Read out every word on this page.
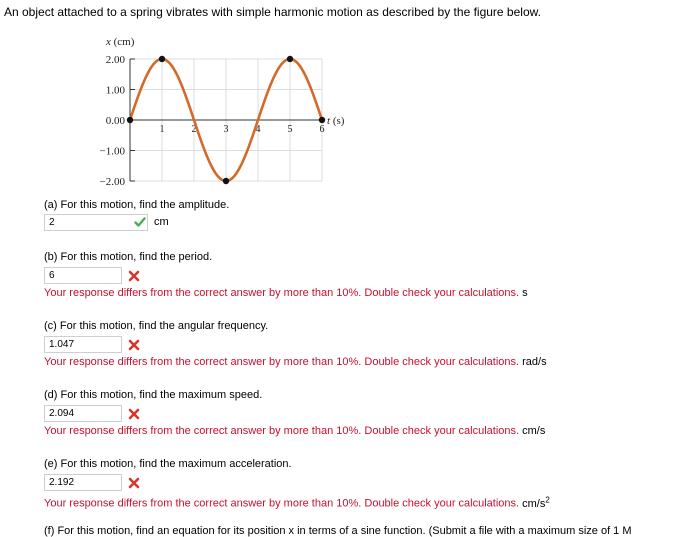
An object attached to a spring vibrates with simple harmonic motion as described by the figure below.
2.00
1.00
0.00
−1.00
−2.00
1	2	3	4	5	6
x (cm)
t (s)
(a) For this motion, find the amplitude.
2	cm
(b) For this motion, find the period.
6
Your response differs from the correct answer by more than 10%. Double check your calculations. s
(c) For this motion, find the angular frequency.
1.047
Your response differs from the correct answer by more than 10%. Double check your calculations. rad/s
(d) For this motion, find the maximum speed.
2.094
Your response differs from the correct answer by more than 10%. Double check your calculations. cm/s
(e) For this motion, find the maximum acceleration.
2.192
Your response differs from the correct answer by more than 10%. Double check your calculations. $cm/s^2$
(f) For this motion, find an equation for its position x in terms of a sine function. (Submit a file with a maximum size of 1 M
